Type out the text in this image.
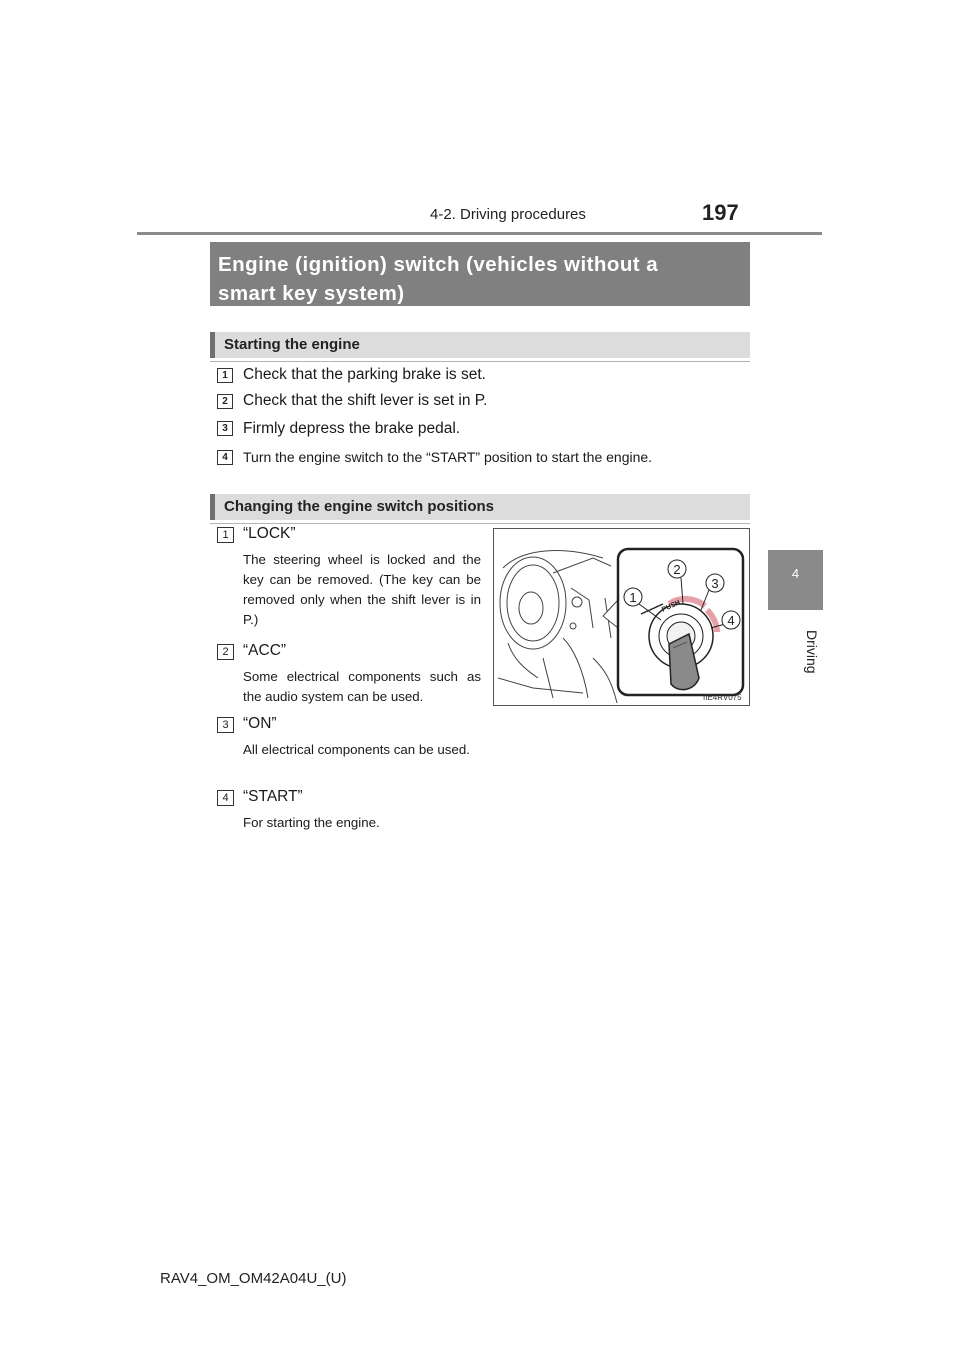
4-2. Driving procedures	197
4
Driving
Engine (ignition) switch (vehicles without a
smart key system)
Starting the engine
1 Check that the parking brake is set.
2 Check that the shift lever is set in P.
3 Firmly depress the brake pedal.
4	Turn the engine switch to the “START” position to start the engine.
Changing the engine switch positions
1 “LOCK”
The steering wheel is locked and the key can be removed. (The key can be removed only when the shift lever is in P.)
2 “ACC”
Some electrical components such as the audio system can be used.
3 “ON”
All electrical components can be used.
4 “START”
For starting the engine.
1
2
3
4
PUSH
IIE4RV075
RAV4_OM_OM42A04U_(U)
